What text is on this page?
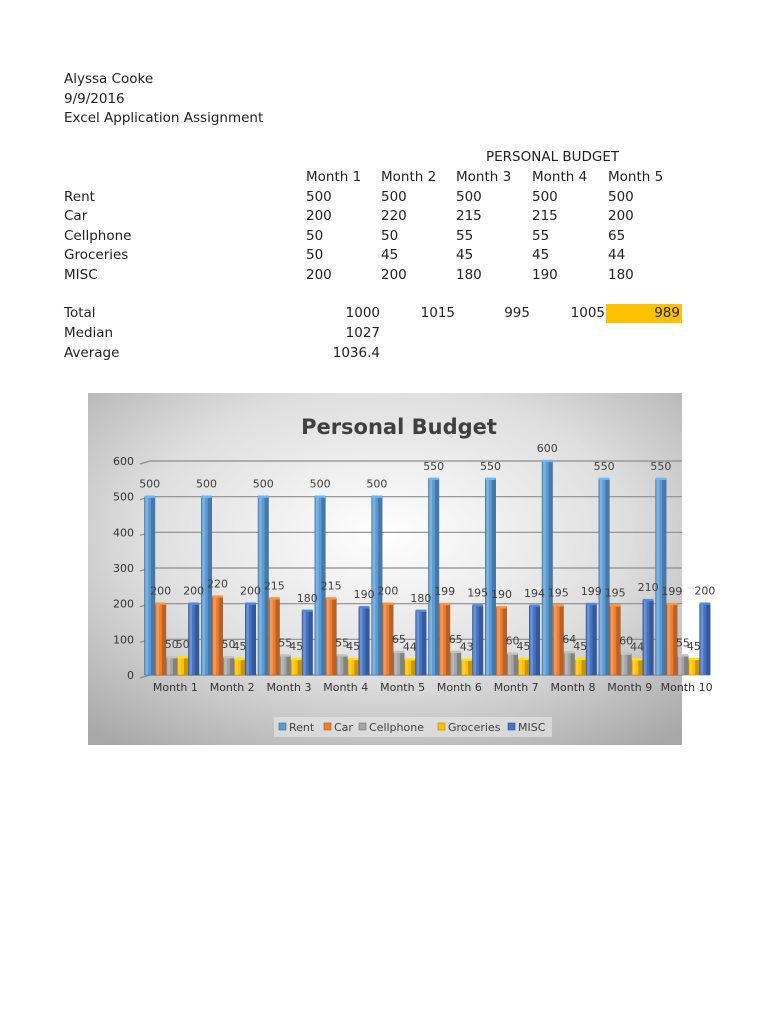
Alyssa Cooke
9/9/2016
Excel Application Assignment
PERSONAL BUDGET
Month 1 Month 2 Month 3 Month 4 Month 5
Rent	500	500	500	500	500
Car	200	220	215	215	200
Cellphone	50	50	55	55	65
Groceries	50	45	45	45	44
MISC	200	200	180	190	180
Total	1000	1015	995	1005	989
Median	1027
Average	1036.4
Personal Budget
0
100
200
300
400
500
600
500
200
50
50
200
500
220
50
45
200
500
215
55
45
180
500
215
55
45
190
500
200
65
44
180
550
199
65
43
195
550
190
60
45
194
600
195
64
45
199
550
195
60
44
210
550
199
55
45
200
Month 1 Month 2 Month 3 Month 4 Month 5 Month 6 Month 7 Month 8 Month 9 Month 10
Rent Car Cellphone Groceries MISC
